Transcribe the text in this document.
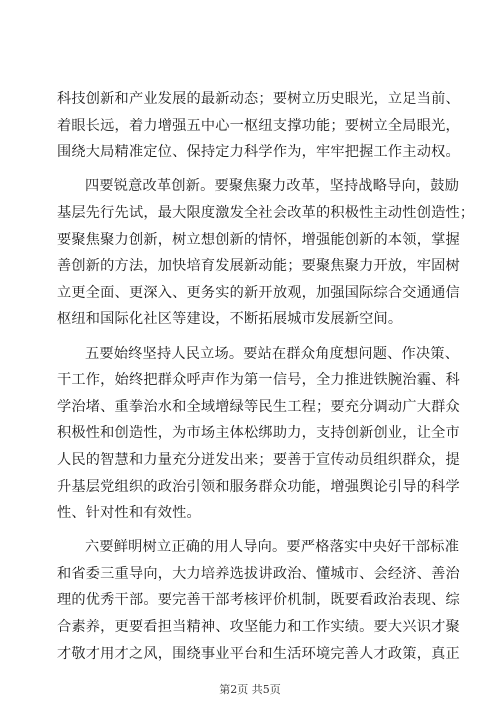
科技创新和产业发展的最新动态；要树立历史眼光，立足当前、
着眼长远，着力增强五中心一枢纽支撑功能；要树立全局眼光，
围绕大局精准定位、保持定力科学作为，牢牢把握工作主动权。

四要锐意改革创新。要聚焦聚力改革，坚持战略导向，鼓励
基层先行先试，最大限度激发全社会改革的积极性主动性创造性；
要聚焦聚力创新，树立想创新的情怀，增强能创新的本领，掌握
善创新的方法，加快培育发展新动能；要聚焦聚力开放，牢固树
立更全面、更深入、更务实的新开放观，加强国际综合交通通信
枢纽和国际化社区等建设，不断拓展城市发展新空间。

五要始终坚持人民立场。要站在群众角度想问题、作决策、
干工作，始终把群众呼声作为第一信号，全力推进铁腕治霾、科
学治堵、重拳治水和全域增绿等民生工程；要充分调动广大群众
积极性和创造性，为市场主体松绑助力，支持创新创业，让全市
人民的智慧和力量充分迸发出来；要善于宣传动员组织群众，提
升基层党组织的政治引领和服务群众功能，增强舆论引导的科学
性、针对性和有效性。

六要鲜明树立正确的用人导向。要严格落实中央好干部标准
和省委三重导向，大力培养选拔讲政治、懂城市、会经济、善治
理的优秀干部。要完善干部考核评价机制，既要看政治表现、综
合素养，更要看担当精神、攻坚能力和工作实绩。要大兴识才聚
才敬才用才之风，围绕事业平台和生活环境完善人才政策，真正

第2页 共5页
